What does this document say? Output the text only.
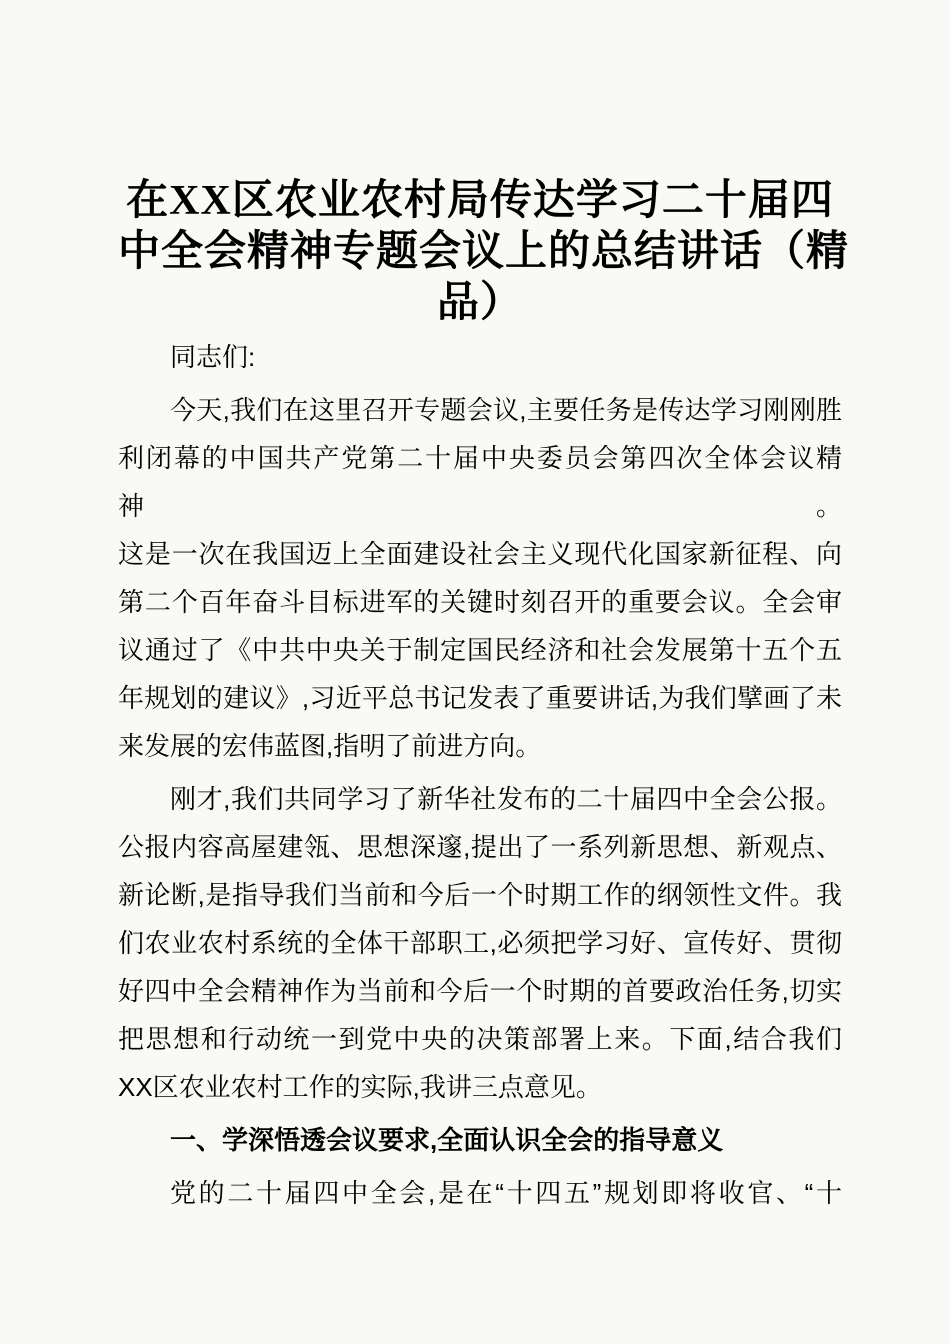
在XX区农业农村局传达学习二十届四
中全会精神专题会议上的总结讲话（精
品）
同志们:
今天,我们在这里召开专题会议,主要任务是传达学习刚刚胜
利闭幕的中国共产党第二十届中央委员会第四次全体会议精神。
这是一次在我国迈上全面建设社会主义现代化国家新征程、向
第二个百年奋斗目标进军的关键时刻召开的重要会议。全会审
议通过了《中共中央关于制定国民经济和社会发展第十五个五
年规划的建议》,习近平总书记发表了重要讲话,为我们擘画了未
来发展的宏伟蓝图,指明了前进方向。
刚才,我们共同学习了新华社发布的二十届四中全会公报。
公报内容高屋建瓴、思想深邃,提出了一系列新思想、新观点、
新论断,是指导我们当前和今后一个时期工作的纲领性文件。我
们农业农村系统的全体干部职工,必须把学习好、宣传好、贯彻
好四中全会精神作为当前和今后一个时期的首要政治任务,切实
把思想和行动统一到党中央的决策部署上来。下面,结合我们
XX区农业农村工作的实际,我讲三点意见。
一、学深悟透会议要求,全面认识全会的指导意义
党的二十届四中全会,是在“十四五”规划即将收官、“十
